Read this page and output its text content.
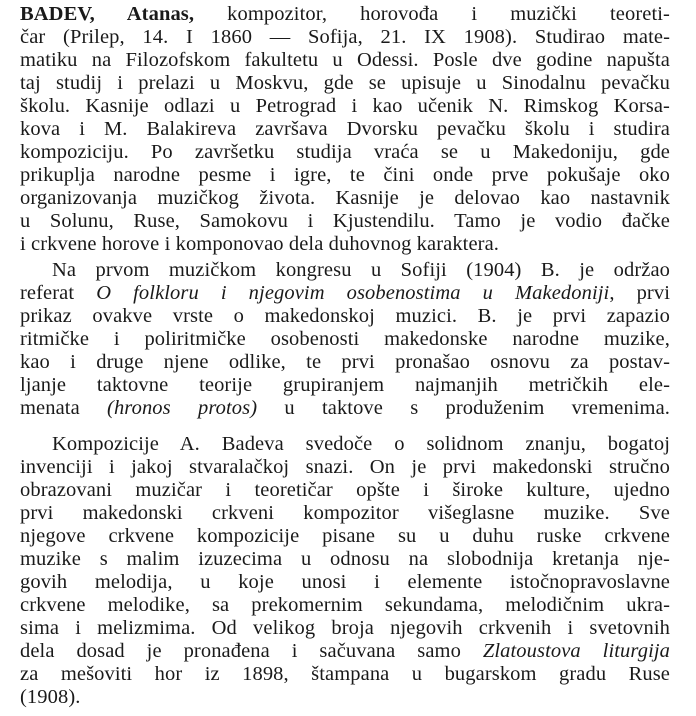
BADEV, Atanas, kompozitor, horovođa i muzički teoreti-
čar (Prilep, 14. I 1860 — Sofija, 21. IX 1908). Studirao mate-
matiku na Filozofskom fakultetu u Odessi. Posle dve godine napušta
taj studij i prelazi u Moskvu, gde se upisuje u Sinodalnu pevačku
školu. Kasnije odlazi u Petrograd i kao učenik N. Rimskog Korsa-
kova i M. Balakireva završava Dvorsku pevačku školu i studira
kompoziciju. Po završetku studija vraća se u Makedoniju, gde
prikuplja narodne pesme i igre, te čini onde prve pokušaje oko
organizovanja muzičkog života. Kasnije je delovao kao nastavnik
u Solunu, Ruse, Samokovu i Kjustendilu. Tamo je vodio đačke
i crkvene horove i komponovao dela duhovnog karaktera.
Na prvom muzičkom kongresu u Sofiji (1904) B. je održao
referat O folkloru i njegovim osobenostima u Makedoniji, prvi
prikaz ovakve vrste o makedonskoj muzici. B. je prvi zapazio
ritmičke i poliritmičke osobenosti makedonske narodne muzike,
kao i druge njene odlike, te prvi pronašao osnovu za postav-
ljanje taktovne teorije grupiranjem najmanjih metričkih ele-
menata (hronos protos) u taktove s produženim vremenima.
Kompozicije A. Badeva svedoče o solidnom znanju, bogatoj
invenciji i jakoj stvaralačkoj snazi. On je prvi makedonski stručno
obrazovani muzičar i teoretičar opšte i široke kulture, ujedno
prvi makedonski crkveni kompozitor višeglasne muzike. Sve
njegove crkvene kompozicije pisane su u duhu ruske crkvene
muzike s malim izuzecima u odnosu na slobodnija kretanja nje-
govih melodija, u koje unosi i elemente istočnopravoslavne
crkvene melodike, sa prekomernim sekundama, melodičnim ukra-
sima i melizmima. Od velikog broja njegovih crkvenih i svetovnih
dela dosad je pronađena i sačuvana samo Zlatoustova liturgija
za mešoviti hor iz 1898, štampana u bugarskom gradu Ruse
(1908).
